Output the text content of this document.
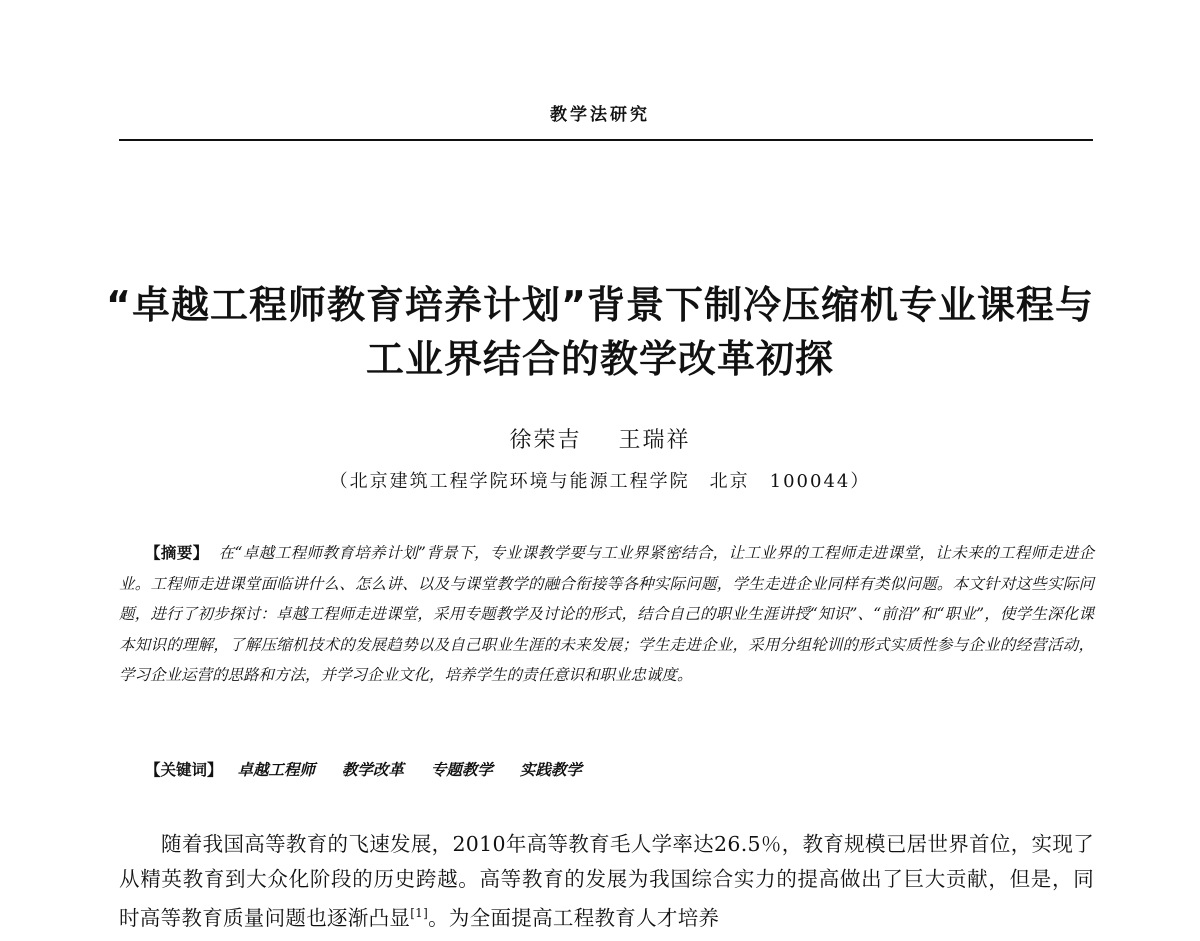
教学法研究
“卓越工程师教育培养计划”背景下制冷压缩机专业课程与
工业界结合的教学改革初探
徐荣吉 王瑞祥
（北京建筑工程学院环境与能源工程学院　北京　100044）
【摘要】 在“卓越工程师教育培养计划”背景下，专业课教学要与工业界紧密结合，让工业界的工程师走进课堂，让未来的工程师走进企业。工程师走进课堂面临讲什么、怎么讲、以及与课堂教学的融合衔接等各种实际问题，学生走进企业同样有类似问题。本文针对这些实际问题，进行了初步探讨：卓越工程师走进课堂，采用专题教学及讨论的形式，结合自己的职业生涯讲授“知识”、“前沿”和“职业”，使学生深化课本知识的理解，了解压缩机技术的发展趋势以及自己职业生涯的未来发展；学生走进企业，采用分组轮训的形式实质性参与企业的经营活动，学习企业运营的思路和方法，并学习企业文化，培养学生的责任意识和职业忠诚度。
【关键词】 卓越工程师 教学改革 专题教学 实践教学
随着我国高等教育的飞速发展，2010年高等教育毛人学率达26.5％，教育规模已居世界首位，实现了从精英教育到大众化阶段的历史跨越。高等教育的发展为我国综合实力的提高做出了巨大贡献，但是，同时高等教育质量问题也逐渐凸显[1]。为全面提高工程教育人才培养
